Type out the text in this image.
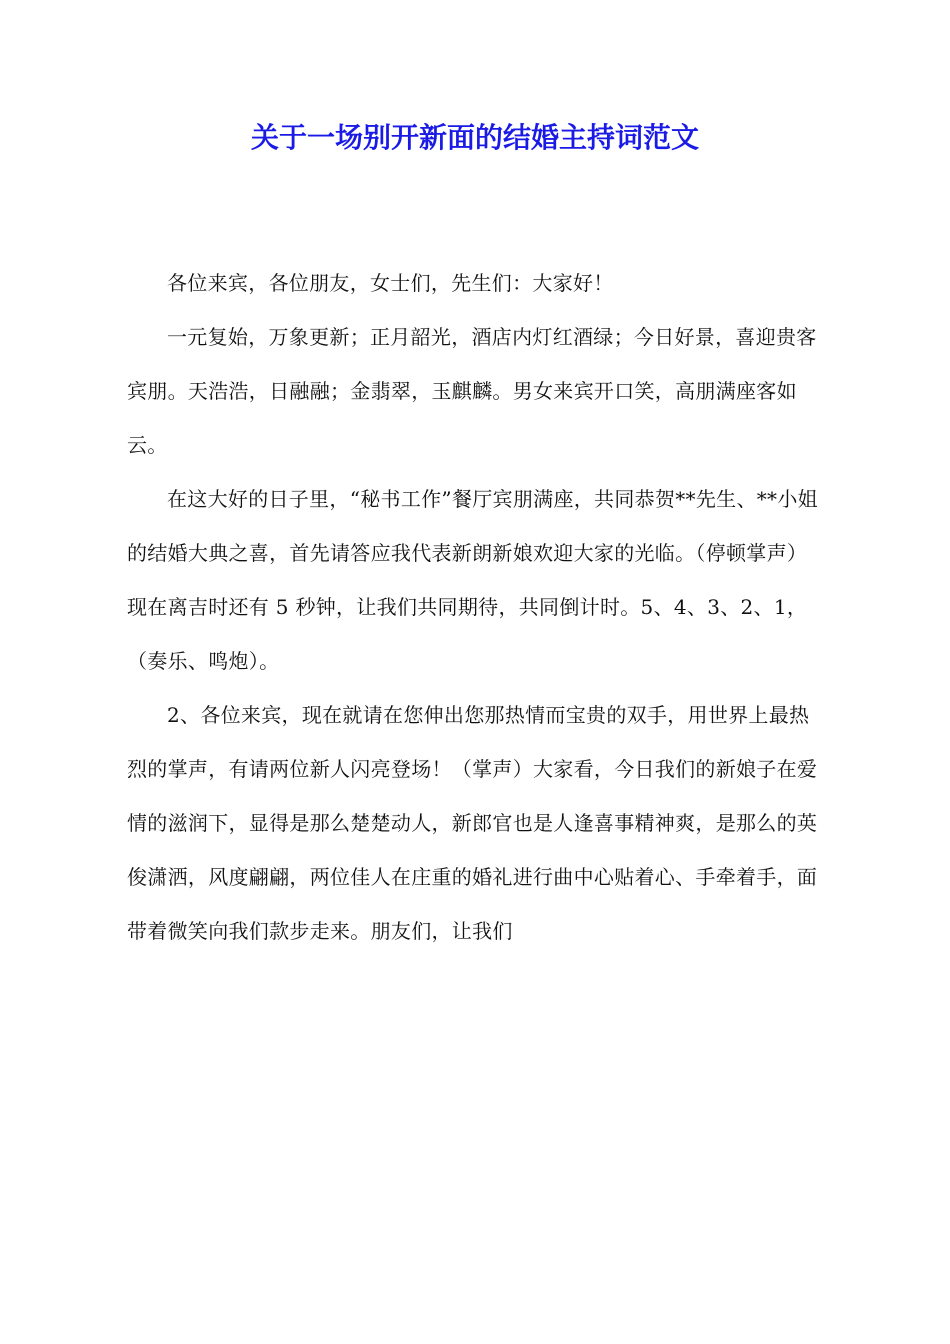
关于一场别开新面的结婚主持词范文

各位来宾，各位朋友，女士们，先生们：大家好！

一元复始，万象更新；正月韶光，酒店内灯红酒绿；今日好景，喜迎贵客宾朋。天浩浩，日融融；金翡翠，玉麒麟。男女来宾开口笑，高朋满座客如云。

在这大好的日子里，“秘书工作”餐厅宾朋满座，共同恭贺**先生、**小姐的结婚大典之喜，首先请答应我代表新朗新娘欢迎大家的光临。（停顿掌声）现在离吉时还有 5 秒钟，让我们共同期待，共同倒计时。5、4、3、2、1，（奏乐、鸣炮）。

2、各位来宾，现在就请在您伸出您那热情而宝贵的双手，用世界上最热烈的掌声，有请两位新人闪亮登场！（掌声）大家看，今日我们的新娘子在爱情的滋润下，显得是那么楚楚动人，新郎官也是人逢喜事精神爽，是那么的英俊潇洒，风度翩翩，两位佳人在庄重的婚礼进行曲中心贴着心、手牵着手，面带着微笑向我们款步走来。朋友们，让我们
